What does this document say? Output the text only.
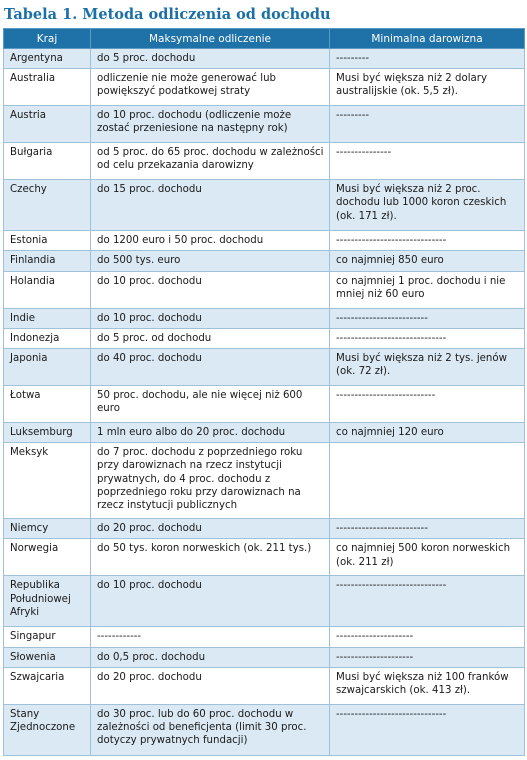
Tabela 1. Metoda odliczenia od dochodu
Kraj	Maksymalne odliczenie	Minimalna darowizna
Argentyna	do 5 proc. dochodu	---------
Australia	odliczenie nie może generować lub powiększyć podatkowej straty	Musi być większa niż 2 dolary australijskie (ok. 5,5 zł).
Austria	do 10 proc. dochodu (odliczenie może zostać przeniesione na następny rok)	---------
Bułgaria	od 5 proc. do 65 proc. dochodu w zależności od celu przekazania darowizny	---------------
Czechy	do 15 proc. dochodu	Musi być większa niż 2 proc. dochodu lub 1000 koron czeskich (ok. 171 zł).
Estonia	do 1200 euro i 50 proc. dochodu	------------------------------
Finlandia	do 500 tys. euro	co najmniej 850 euro
Holandia	do 10 proc. dochodu	co najmniej 1 proc. dochodu i nie mniej niż 60 euro
Indie	do 10 proc. dochodu	-------------------------
Indonezja	do 5 proc. od dochodu	------------------------------
Japonia	do 40 proc. dochodu	Musi być większa niż 2 tys. jenów (ok. 72 zł).
Łotwa	50 proc. dochodu, ale nie więcej niż 600 euro	---------------------------
Luksemburg	1 mln euro albo do 20 proc. dochodu	co najmniej 120 euro
Meksyk	do 7 proc. dochodu z poprzedniego roku przy darowiznach na rzecz instytucji prywatnych, do 4 proc. dochodu z poprzedniego roku przy darowiznach na rzecz instytucji publicznych	
Niemcy	do 20 proc. dochodu	-------------------------
Norwegia	do 50 tys. koron norweskich (ok. 211 tys.)	co najmniej 500 koron norweskich (ok. 211 zł)
Republika Południowej Afryki	do 10 proc. dochodu	------------------------------
Singapur	------------	---------------------
Słowenia	do 0,5 proc. dochodu	---------------------
Szwajcaria	do 20 proc. dochodu	Musi być większa niż 100 franków szwajcarskich (ok. 413 zł).
Stany Zjednoczone	do 30 proc. lub do 60 proc. dochodu w zależności od beneficjenta (limit 30 proc. dotyczy prywatnych fundacji)	------------------------------
